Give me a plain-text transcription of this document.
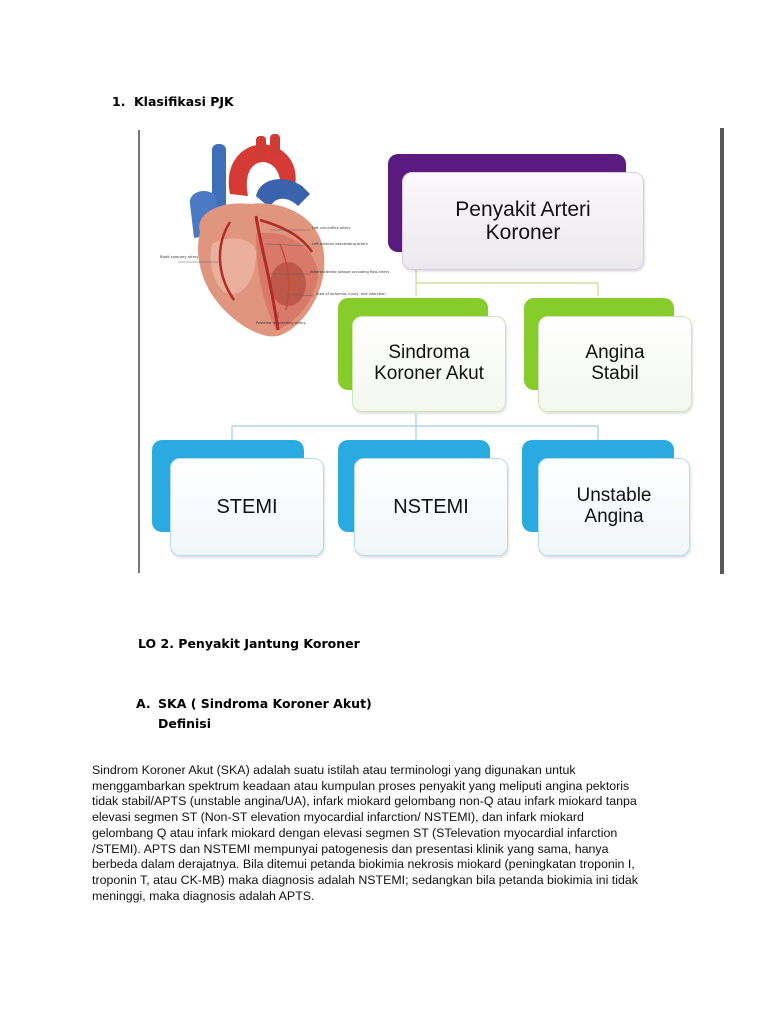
1. Klasifikasi PJK
Left circumflex artery
Left anterior descending artery
Right coronary artery
Atherosclerotic plaque occluding flow artery
Area of ischemia, injury, and infarction
Posterior descending artery
Penyakit Arteri
Koroner
Sindroma
Koroner Akut
Angina
Stabil
STEMI	NSTEMI
Unstable
Angina
LO 2. Penyakit Jantung Koroner
A. SKA ( Sindroma Koroner Akut)
Definisi
Sindrom Koroner Akut (SKA) adalah suatu istilah atau terminologi yang digunakan untuk
menggambarkan spektrum keadaan atau kumpulan proses penyakit yang meliputi angina pektoris
tidak stabil/APTS (unstable angina/UA), infark miokard gelombang non-Q atau infark miokard tanpa
elevasi segmen ST (Non-ST elevation myocardial infarction/ NSTEMI), dan infark miokard
gelombang Q atau infark miokard dengan elevasi segmen ST (STelevation myocardial infarction
/STEMI). APTS dan NSTEMI mempunyai patogenesis dan presentasi klinik yang sama, hanya
berbeda dalam derajatnya. Bila ditemui petanda biokimia nekrosis miokard (peningkatan troponin I,
troponin T, atau CK-MB) maka diagnosis adalah NSTEMI; sedangkan bila petanda biokimia ini tidak
meninggi, maka diagnosis adalah APTS.
